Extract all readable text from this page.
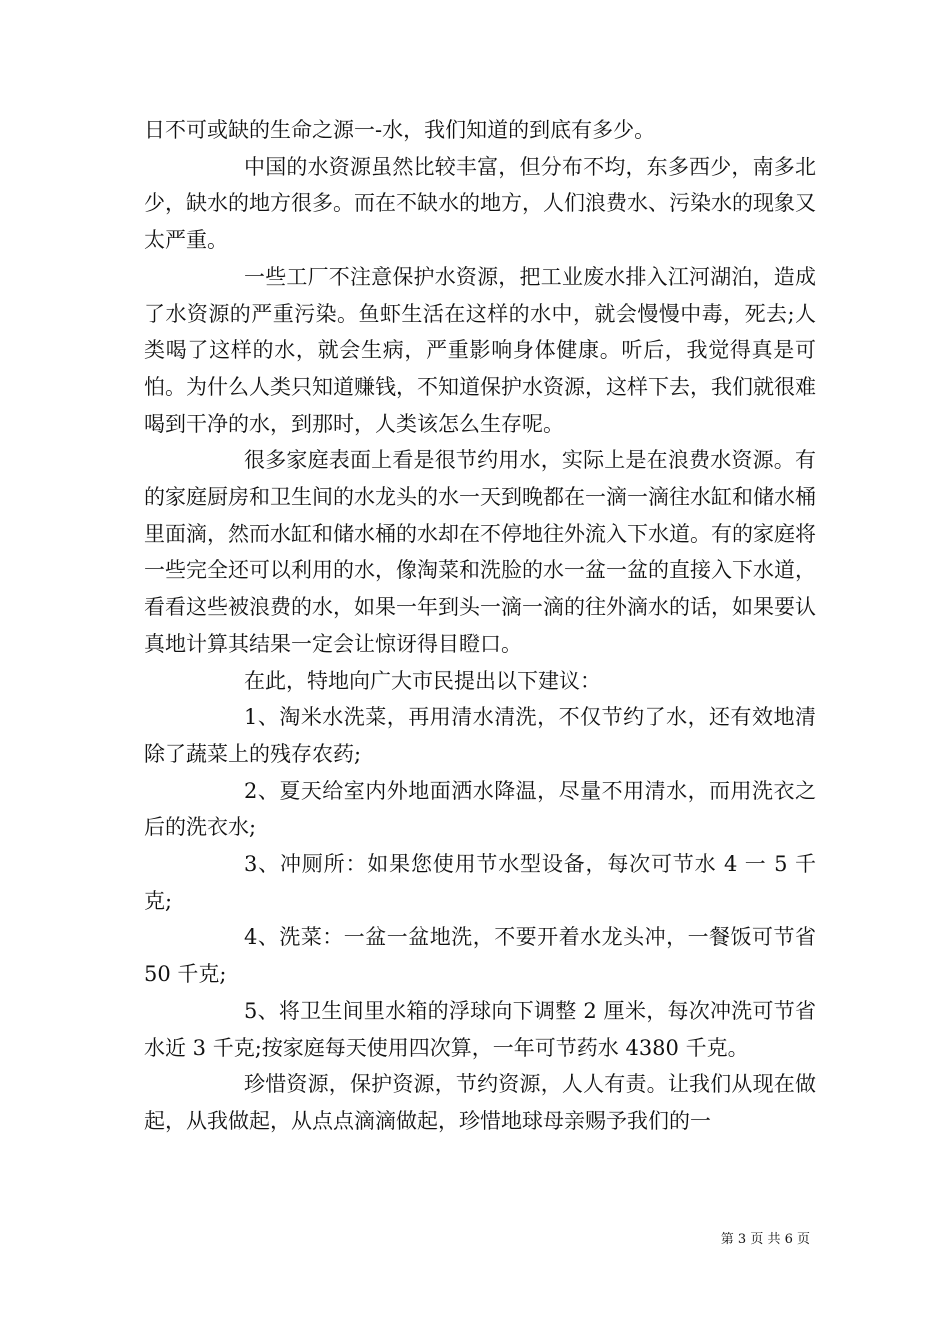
日不可或缺的生命之源一-水，我们知道的到底有多少。

中国的水资源虽然比较丰富，但分布不均，东多西少，南多北少，缺水的地方很多。而在不缺水的地方，人们浪费水、污染水的现象又太严重。

一些工厂不注意保护水资源，把工业废水排入江河湖泊，造成了水资源的严重污染。鱼虾生活在这样的水中，就会慢慢中毒，死去;人类喝了这样的水，就会生病，严重影响身体健康。听后，我觉得真是可怕。为什么人类只知道赚钱，不知道保护水资源，这样下去，我们就很难喝到干净的水，到那时，人类该怎么生存呢。

很多家庭表面上看是很节约用水，实际上是在浪费水资源。有的家庭厨房和卫生间的水龙头的水一天到晚都在一滴一滴往水缸和储水桶里面滴，然而水缸和储水桶的水却在不停地往外流入下水道。有的家庭将一些完全还可以利用的水，像淘菜和洗脸的水一盆一盆的直接入下水道，看看这些被浪费的水，如果一年到头一滴一滴的往外滴水的话，如果要认真地计算其结果一定会让惊讶得目瞪口。

在此，特地向广大市民提出以下建议：

1、淘米水洗菜，再用清水清洗，不仅节约了水，还有效地清除了蔬菜上的残存农药;

2、夏天给室内外地面洒水降温，尽量不用清水，而用洗衣之后的洗衣水;

3、冲厕所：如果您使用节水型设备，每次可节水 4 一 5 千克;

4、洗菜：一盆一盆地洗，不要开着水龙头冲，一餐饭可节省 50 千克;

5、将卫生间里水箱的浮球向下调整 2 厘米，每次冲洗可节省水近 3 千克;按家庭每天使用四次算，一年可节药水 4380 千克。

珍惜资源，保护资源，节约资源，人人有责。让我们从现在做起，从我做起，从点点滴滴做起，珍惜地球母亲赐予我们的一

第 3 页 共 6 页
